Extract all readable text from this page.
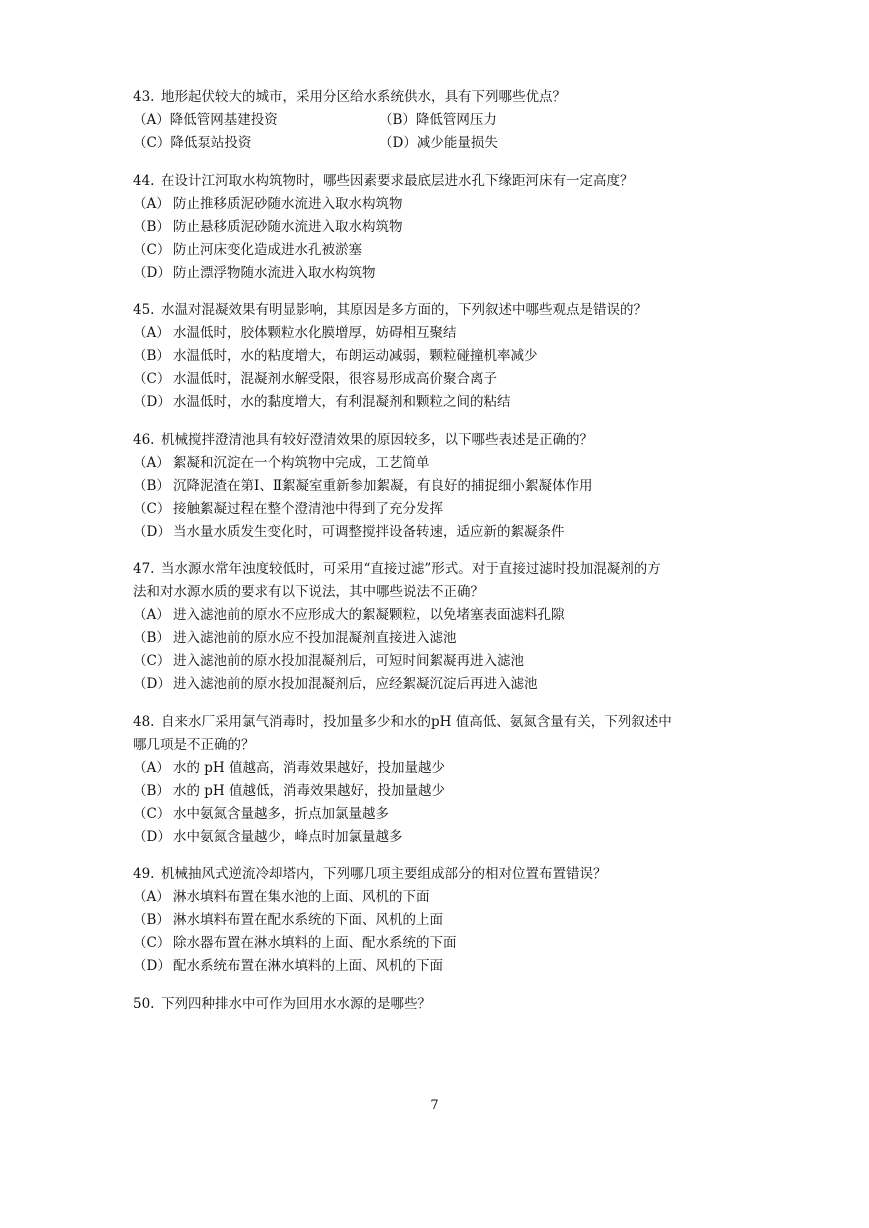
43. 地形起伏较大的城市，采用分区给水系统供水，具有下列哪些优点？
（A）降低管网基建投资	（B）降低管网压力
（C）降低泵站投资	（D）减少能量损失
44. 在设计江河取水构筑物时，哪些因素要求最底层进水孔下缘距河床有一定高度？
（A） 防止推移质泥砂随水流进入取水构筑物
（B） 防止悬移质泥砂随水流进入取水构筑物
（C） 防止河床变化造成进水孔被淤塞
（D） 防止漂浮物随水流进入取水构筑物
45. 水温对混凝效果有明显影响，其原因是多方面的，下列叙述中哪些观点是错误的？
（A） 水温低时，胶体颗粒水化膜增厚，妨碍相互聚结
（B） 水温低时，水的粘度增大，布朗运动减弱，颗粒碰撞机率减少
（C） 水温低时，混凝剂水解受限，很容易形成高价聚合离子
（D） 水温低时，水的黏度增大，有利混凝剂和颗粒之间的粘结
46. 机械搅拌澄清池具有较好澄清效果的原因较多，以下哪些表述是正确的？
（A） 絮凝和沉淀在一个构筑物中完成，工艺简单
（B） 沉降泥渣在第Ⅰ、Ⅱ絮凝室重新参加絮凝，有良好的捕捉细小絮凝体作用
（C） 接触絮凝过程在整个澄清池中得到了充分发挥
（D） 当水量水质发生变化时，可调整搅拌设备转速，适应新的絮凝条件
47. 当水源水常年浊度较低时，可采用“直接过滤”形式。对于直接过滤时投加混凝剂的方
法和对水源水质的要求有以下说法，其中哪些说法不正确？
（A） 进入滤池前的原水不应形成大的絮凝颗粒，以免堵塞表面滤料孔隙
（B） 进入滤池前的原水应不投加混凝剂直接进入滤池
（C） 进入滤池前的原水投加混凝剂后，可短时间絮凝再进入滤池
（D） 进入滤池前的原水投加混凝剂后，应经絮凝沉淀后再进入滤池
48. 自来水厂采用氯气消毒时，投加量多少和水的pH 值高低、氨氮含量有关，下列叙述中
哪几项是不正确的？
（A） 水的 pH 值越高，消毒效果越好，投加量越少
（B） 水的 pH 值越低，消毒效果越好，投加量越少
（C） 水中氨氮含量越多，折点加氯量越多
（D） 水中氨氮含量越少，峰点时加氯量越多
49. 机械抽风式逆流冷却塔内，下列哪几项主要组成部分的相对位置布置错误？
（A） 淋水填料布置在集水池的上面、风机的下面
（B） 淋水填料布置在配水系统的下面、风机的上面
（C） 除水器布置在淋水填料的上面、配水系统的下面
（D） 配水系统布置在淋水填料的上面、风机的下面
50. 下列四种排水中可作为回用水水源的是哪些？
7
